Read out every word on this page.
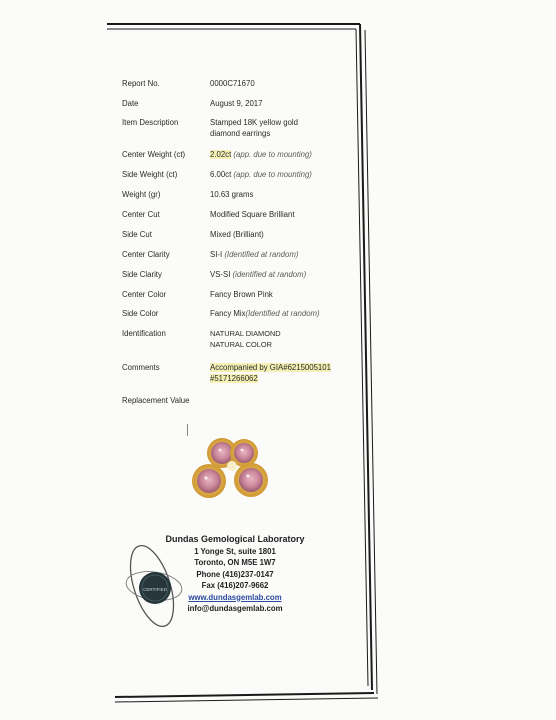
Report No.	0000C71670
Date	August 9, 2017
Item Description	Stamped 18K yellow gold
diamond earrings
Center Weight (ct)	2.02ct (app. due to mounting)
Side Weight (ct)	6.00ct (app. due to mounting)
Weight (gr)	10.63 grams
Center Cut	Modified Square Brilliant
Side Cut	Mixed (Brilliant)
Center Clarity	SI-I (Identified at random)
Side Clarity	VS-SI (identified at random)
Center Color	Fancy Brown Pink
Side Color	Fancy Mix(Identified at random)
Identification	NATURAL DIAMOND
NATURAL COLOR
Comments	Accompanied by GIA#6215005101
#5171266062
Replacement Value
CERTIFIED
Dundas Gemological Laboratory
1 Yonge St, suite 1801
Toronto, ON M5E 1W7
Phone (416)237-0147
Fax (416)207-9662
www.dundasgemlab.com
info@dundasgemlab.com
